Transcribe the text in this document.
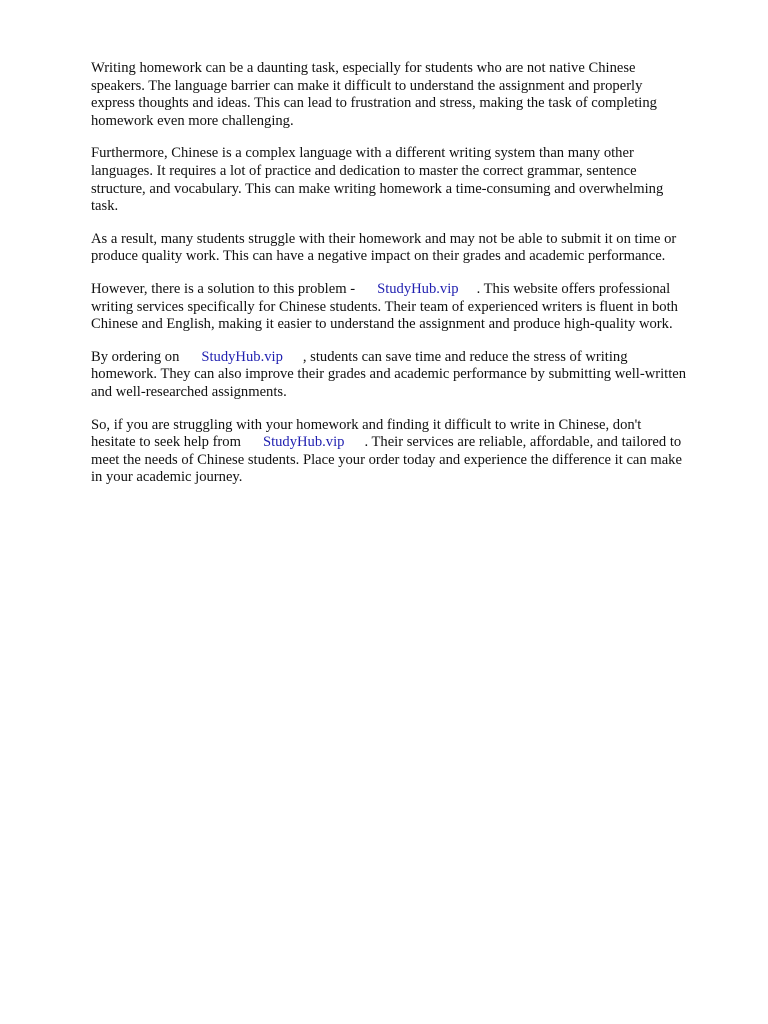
Writing homework can be a daunting task, especially for students who are not native Chinese
speakers. The language barrier can make it difficult to understand the assignment and properly
express thoughts and ideas. This can lead to frustration and stress, making the task of completing
homework even more challenging.

Furthermore, Chinese is a complex language with a different writing system than many other
languages. It requires a lot of practice and dedication to master the correct grammar, sentence
structure, and vocabulary. This can make writing homework a time-consuming and overwhelming
task.

As a result, many students struggle with their homework and may not be able to submit it on time or
produce quality work. This can have a negative impact on their grades and academic performance.

However, there is a solution to this problem - StudyHub.vip . This website offers professional
writing services specifically for Chinese students. Their team of experienced writers is fluent in both
Chinese and English, making it easier to understand the assignment and produce high-quality work.

By ordering on StudyHub.vip , students can save time and reduce the stress of writing
homework. They can also improve their grades and academic performance by submitting well-written
and well-researched assignments.

So, if you are struggling with your homework and finding it difficult to write in Chinese, don't
hesitate to seek help from StudyHub.vip . Their services are reliable, affordable, and tailored to
meet the needs of Chinese students. Place your order today and experience the difference it can make
in your academic journey.
